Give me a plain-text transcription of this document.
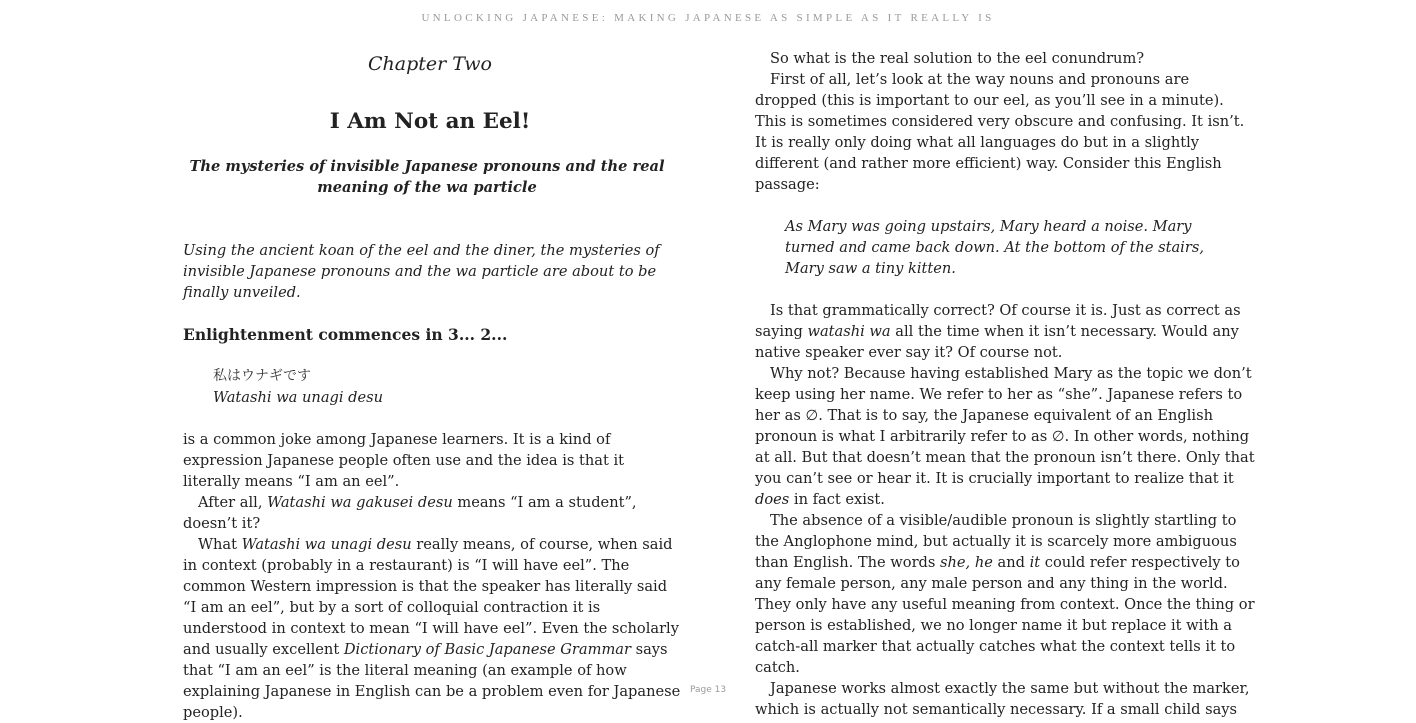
UNLOCKING JAPANESE: MAKING JAPANESE AS SIMPLE AS IT REALLY IS
Chapter Two
I Am Not an Eel!
The mysteries of invisible Japanese pronouns and the real meaning of the wa particle

Using the ancient koan of the eel and the diner, the mysteries of invisible Japanese pronouns and the wa particle are about to be finally unveiled.

Enlightenment commences in 3... 2...

私はウナギです
Watashi wa unagi desu

is a common joke among Japanese learners. It is a kind of expression Japanese people often use and the idea is that it literally means “I am an eel”.

After all, Watashi wa gakusei desu means “I am a student”, doesn’t it?

What Watashi wa unagi desu really means, of course, when said in context (probably in a restaurant) is “I will have eel”. The common Western impression is that the speaker has literally said “I am an eel”, but by a sort of colloquial contraction it is understood in context to mean “I will have eel”. Even the scholarly and usually excellent Dictionary of Basic Japanese Grammar says that “I am an eel” is the literal meaning (an example of how explaining Japanese in English can be a problem even for Japanese people).

So what is the real solution to the eel conundrum?

First of all, let’s look at the way nouns and pronouns are dropped (this is important to our eel, as you’ll see in a minute). This is sometimes considered very obscure and confusing. It isn’t. It is really only doing what all languages do but in a slightly different (and rather more efficient) way. Consider this English passage:

As Mary was going upstairs, Mary heard a noise. Mary turned and came back down. At the bottom of the stairs, Mary saw a tiny kitten.

Is that grammatically correct? Of course it is. Just as correct as saying watashi wa all the time when it isn’t necessary. Would any native speaker ever say it? Of course not.

Why not? Because having established Mary as the topic we don’t keep using her name. We refer to her as “she”. Japanese refers to her as ∅. That is to say, the Japanese equivalent of an English pronoun is what I arbitrarily refer to as ∅. In other words, nothing at all. But that doesn’t mean that the pronoun isn’t there. Only that you can’t see or hear it. It is crucially important to realize that it does in fact exist.

The absence of a visible/audible pronoun is slightly startling to the Anglophone mind, but actually it is scarcely more ambiguous than English. The words she, he and it could refer respectively to any female person, any male person and any thing in the world. They only have any useful meaning from context. Once the thing or person is established, we no longer name it but replace it with a catch-all marker that actually catches what the context tells it to catch.

Japanese works almost exactly the same but without the marker, which is actually not semantically necessary. If a small child says

Page 13
